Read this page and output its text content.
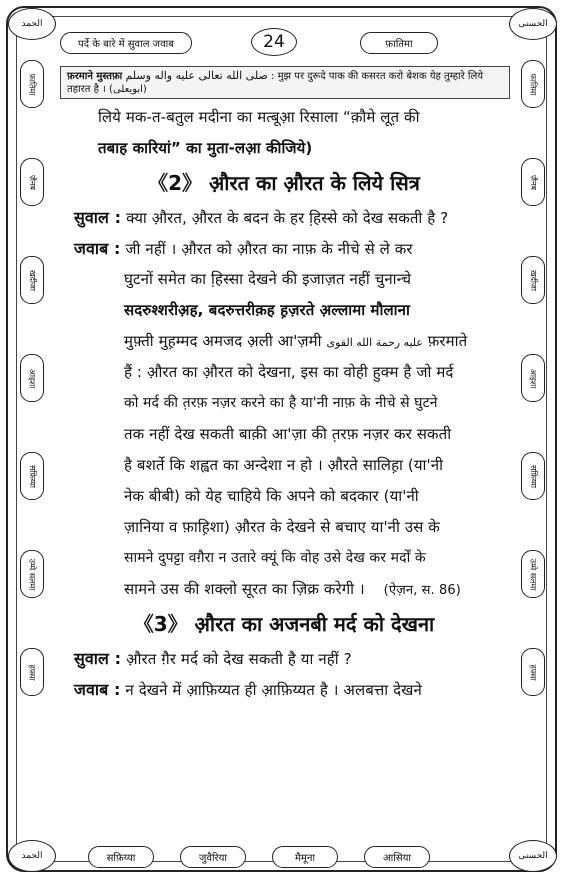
الحمد	الحسنى
पर्दे के बारे में सुवाल जवाब	24	फ़ातिमा
फ़रमाने मुस्तफ़ा صلى الله تعالى عليه واله وسلم : मुझ पर दुरूदे पाक की कसरत करो बेशक येह तुम्हारे लिये तहारत है । (ابويعلى)
फ़ातिमा
ज़ैनब
ख़दीजा
आइशा
सफ़िय्या
उम्मे सलमा
हफ़्सा
फ़ातिमा
ज़ैनब
ख़दीजा
आइशा
सफ़िय्या
उम्मे सलमा
हफ़्सा
लिये मक-त-बतुल मदीना का मत्बूआ़ रिसाला “क़ौमे लूत़ की
तबाह कारियां” का मुता-लआ़ कीजिये)
《2》 औ़रत का औ़रत के लिये सित्र
सुवाल : क्या औ़रत, औ़रत के बदन के हर हि़स्से को देख सकती है ?
जवाब : जी नहीं । औ़रत को औ़रत का नाफ़ के नीचे से ले कर
घुटनों समेत का हि़स्सा देखने की इजाज़त नहीं चुनान्चे
सदरुश्शरीअ़ह, बदरुत्तरीक़ह ह़ज़रते अ़ल्लामा मौलाना
मुफ़्ती मुह़म्मद अमजद अ़ली आ'ज़मी عليه رحمة الله القوى फ़रमाते
हैं : औ़रत का औ़रत को देखना, इस का वोही हुक्म है जो मर्द
को मर्द की त़रफ़ नज़र करने का है या'नी नाफ़ के नीचे से घुटने
तक नहीं देख सकती बाक़ी आ'ज़ा की त़रफ़ नज़र कर सकती
है बशर्ते कि शह्वत का अन्देशा न हो । औ़रते सालिह़ा (या'नी
नेक बीबी) को येह चाहिये कि अपने को बदकार (या'नी
ज़ानिया व फ़ाह़िशा) औ़रत के देखने से बचाए या'नी उस के
सामने दुपट्टा वग़ैरा न उतारे क्यूं कि वोह उसे देख कर मर्दों के
सामने उस की शक्लो सूरत का ज़िक्र करेगी । (ऐज़न, स. 86)
《3》 औ़रत का अजनबी मर्द को देखना
सुवाल : औ़रत ग़ैर मर्द को देख सकती है या नहीं ?
जवाब : न देखने में आ़फ़िय्यत ही आ़फ़िय्यत है । अलबत्ता देखने
الحمد	الحسنى
सफ़िय्या	जुवैरिया	मैमूना	आसिया
